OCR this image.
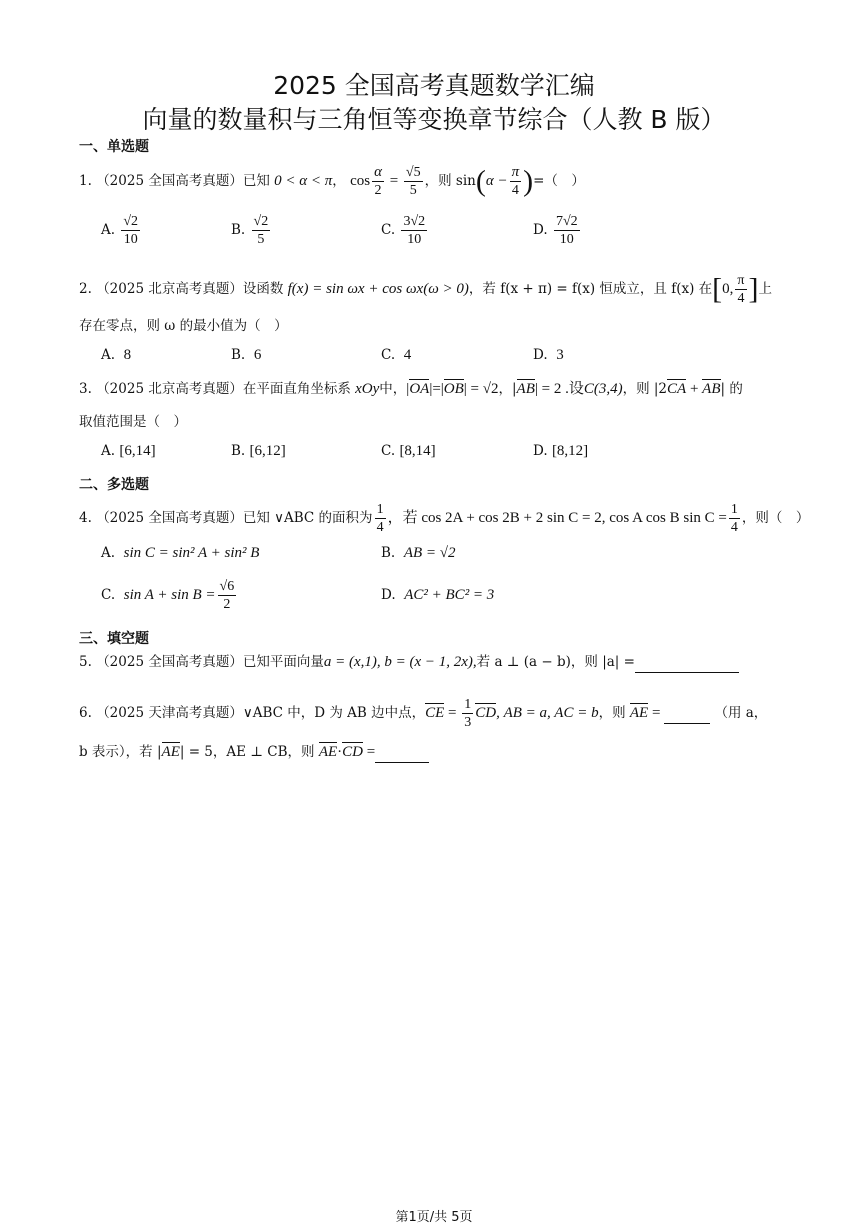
2025 全国高考真题数学汇编
向量的数量积与三角恒等变换章节综合（人教 B 版）
一、单选题
1. （2025 全国高考真题）已知 0 < α < π， $\cos \frac{\alpha}{2} = \frac{√5}{5}$ ，则 $\sin(\alpha - \frac{\pi}{4}$ )=（　）
A. $\frac{√2}{10}$	B. $\frac{√2}{5}$	C. $\frac{3√2}{10}$	D. $\frac{7√2}{10}$
2. （2025 北京高考真题）设函数 f(x) = sin ωx + cos ωx(ω > 0)，若 f(x + π) = f(x) 恒成立，且 f(x) 在[0, $\frac{\pi}{4}$ ]上
存在零点，则 ω 的最小值为（　）
A. 8	B. 6	C. 4	D. 3
3. （2025 北京高考真题）在平面直角坐标系 xOy中，|OA|=|OB| = √2，|AB| = 2 .设C(3,4)，则 |2CA + AB| 的
取值范围是（　）
A. [6,14]	B. [6,12]	C. [8,14]	D. [8,12]
二、多选题
4. （2025 全国高考真题）已知 ∨ABC 的面积为 $\frac{1}{4}$ ，若 cos 2A + cos 2B + 2 sin C = 2, cos A cos B $\sin C = \frac{1}{4}$ ，则（　）
A. sin C = sin² A + sin² B	B. AB = √2
C. $\sin A + \sin B = \frac{√6}{2}$	D. AC² + BC² = 3
三、填空题
5. （2025 全国高考真题）已知平面向量a = (x,1), b = (x − 1, 2x),若 a ⊥ (a − b)，则 |a| =
6. （2025 天津高考真题）∨ABC 中，D 为 AB 边中点，CE = $\frac{1}{3}$ CD, AB = a, AC = b，则 AE =	（用 a，
b 表示），若 |AE| = 5，AE ⊥ CB，则 AE·CD =
第1页/共 5页
